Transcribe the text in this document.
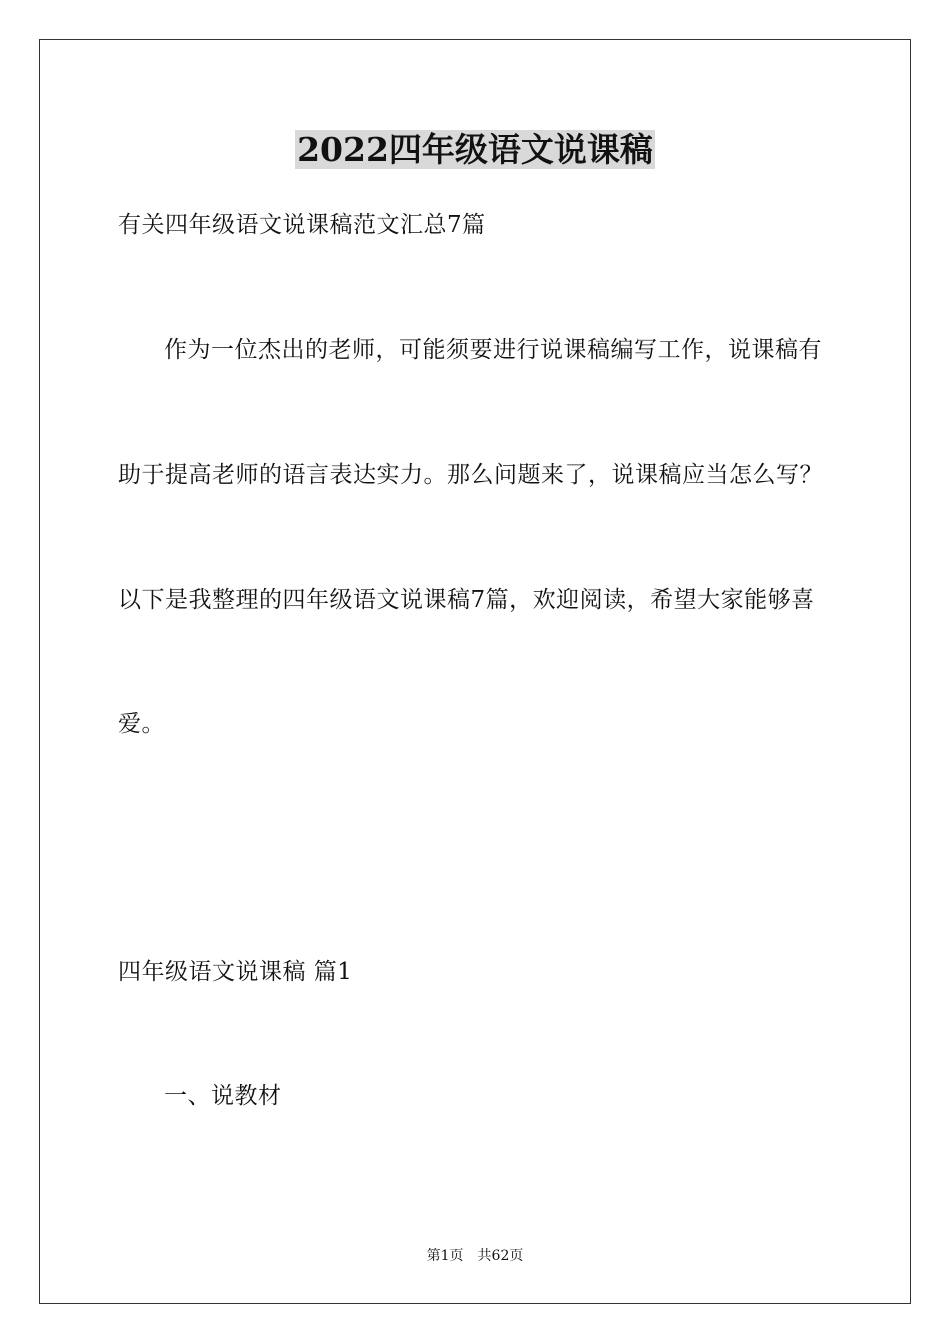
2022四年级语文说课稿
有关四年级语文说课稿范文汇总7篇
作为一位杰出的老师，可能须要进行说课稿编写工作，说课稿有
助于提高老师的语言表达实力。那么问题来了，说课稿应当怎么写？
以下是我整理的四年级语文说课稿7篇，欢迎阅读，希望大家能够喜
爱。
四年级语文说课稿 篇1
一、说教材
第1页　共62页
